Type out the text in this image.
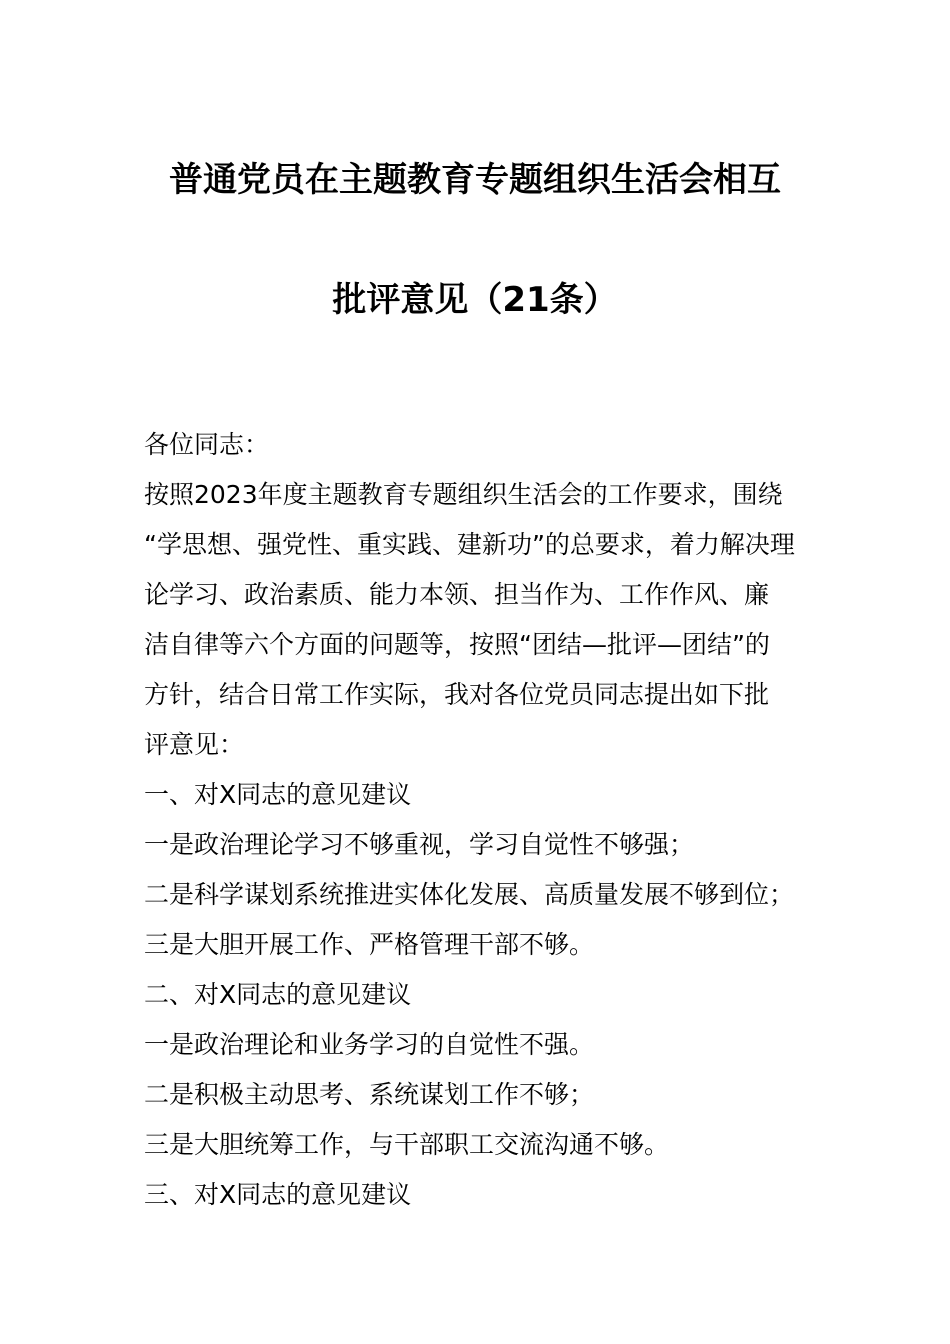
普通党员在主题教育专题组织生活会相互
批评意见（21条）
各位同志：
按照2023年度主题教育专题组织生活会的工作要求，围绕
“学思想、强党性、重实践、建新功”的总要求，着力解决理
论学习、政治素质、能力本领、担当作为、工作作风、廉
洁自律等六个方面的问题等，按照“团结—批评—团结”的
方针，结合日常工作实际，我对各位党员同志提出如下批
评意见：
一、对X同志的意见建议
一是政治理论学习不够重视，学习自觉性不够强；
二是科学谋划系统推进实体化发展、高质量发展不够到位；
三是大胆开展工作、严格管理干部不够。
二、对X同志的意见建议
一是政治理论和业务学习的自觉性不强。
二是积极主动思考、系统谋划工作不够；
三是大胆统筹工作，与干部职工交流沟通不够。
三、对X同志的意见建议
